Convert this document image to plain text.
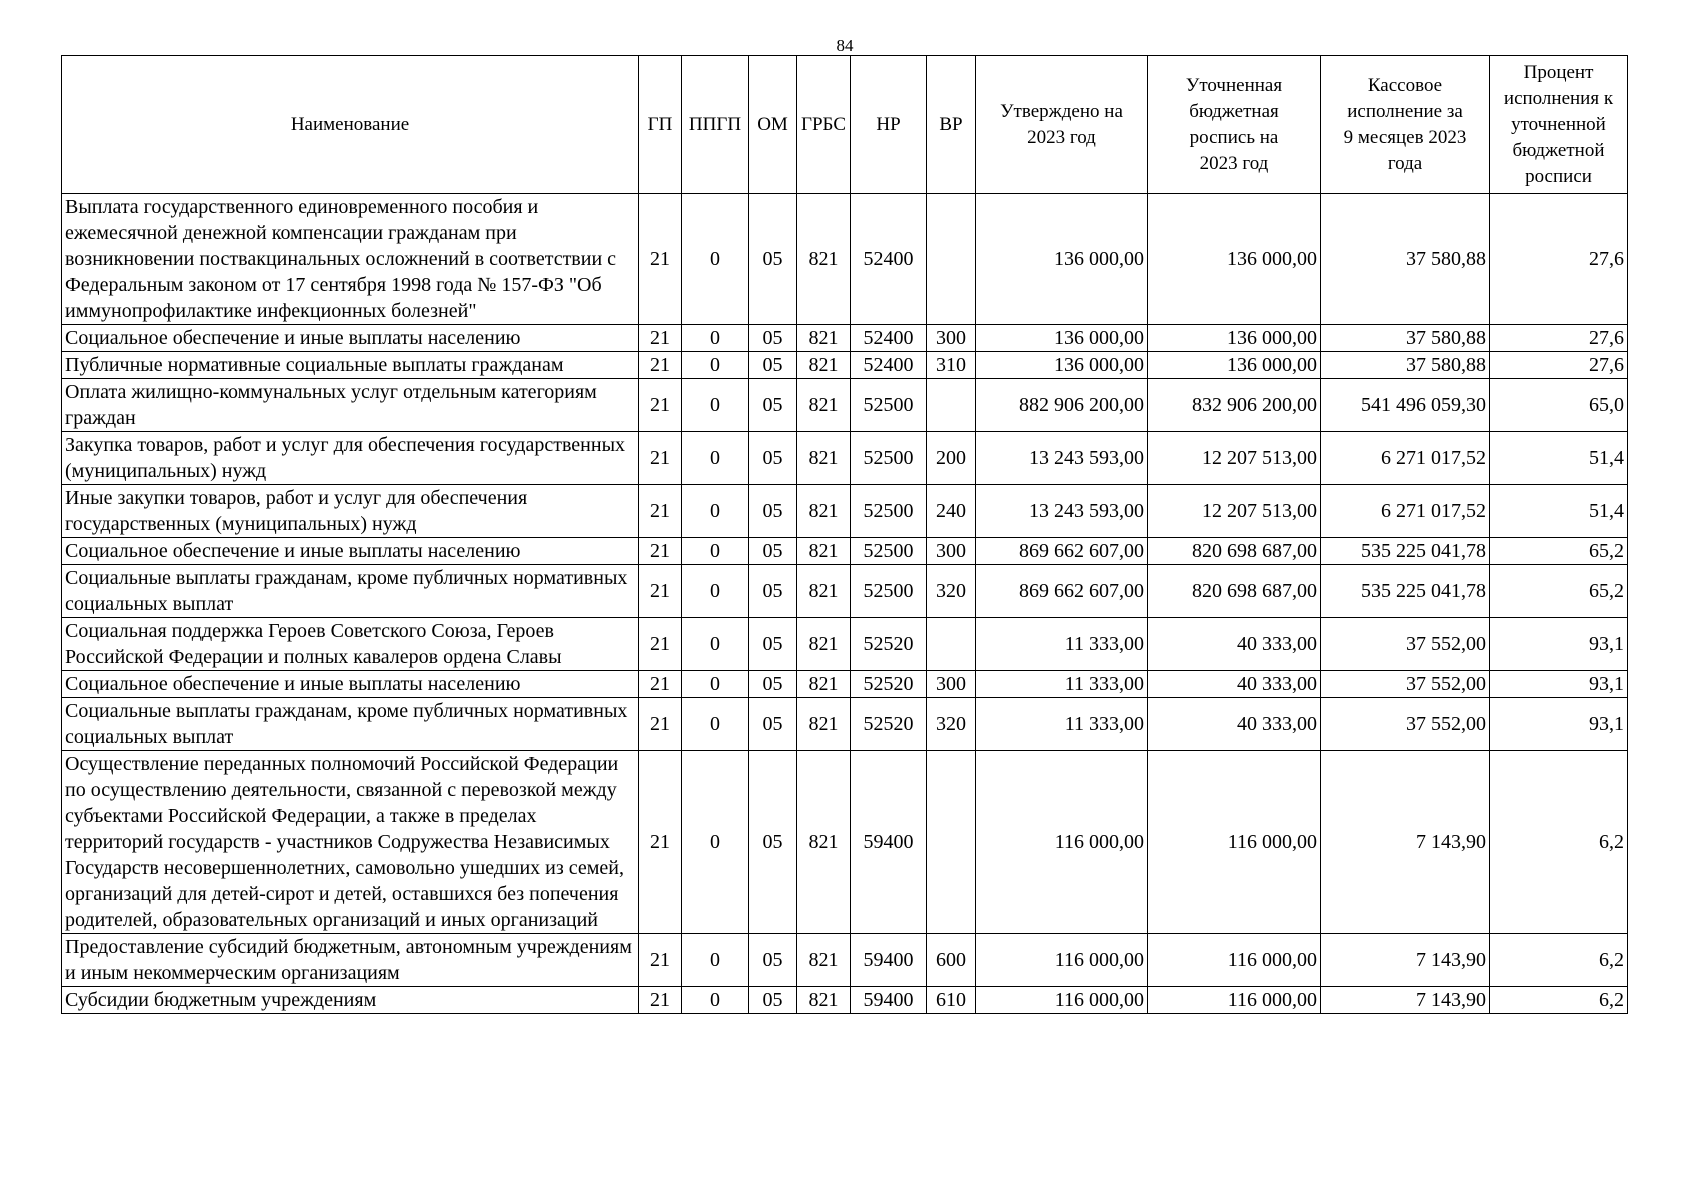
84
Наименование	ГП	ППГП	ОМ	ГРБС	НР	ВР	Утверждено на 2023 год	Уточненная бюджетная роспись на 2023 год	Кассовое исполнение за 9 месяцев 2023 года	Процент исполнения к уточненной бюджетной росписи
Выплата государственного единовременного пособия и ежемесячной денежной компенсации гражданам при возникновении поствакцинальных осложнений в соответствии с Федеральным законом от 17 сентября 1998 года № 157-ФЗ "Об иммунопрофилактике инфекционных болезней"	21	0	05	821	52400		136 000,00	136 000,00	37 580,88	27,6
Социальное обеспечение и иные выплаты населению	21	0	05	821	52400	300	136 000,00	136 000,00	37 580,88	27,6
Публичные нормативные социальные выплаты гражданам	21	0	05	821	52400	310	136 000,00	136 000,00	37 580,88	27,6
Оплата жилищно-коммунальных услуг отдельным категориям граждан	21	0	05	821	52500		882 906 200,00	832 906 200,00	541 496 059,30	65,0
Закупка товаров, работ и услуг для обеспечения государственных (муниципальных) нужд	21	0	05	821	52500	200	13 243 593,00	12 207 513,00	6 271 017,52	51,4
Иные закупки товаров, работ и услуг для обеспечения государственных (муниципальных) нужд	21	0	05	821	52500	240	13 243 593,00	12 207 513,00	6 271 017,52	51,4
Социальное обеспечение и иные выплаты населению	21	0	05	821	52500	300	869 662 607,00	820 698 687,00	535 225 041,78	65,2
Социальные выплаты гражданам, кроме публичных нормативных социальных выплат	21	0	05	821	52500	320	869 662 607,00	820 698 687,00	535 225 041,78	65,2
Социальная поддержка Героев Советского Союза, Героев Российской Федерации и полных кавалеров ордена Славы	21	0	05	821	52520		11 333,00	40 333,00	37 552,00	93,1
Социальное обеспечение и иные выплаты населению	21	0	05	821	52520	300	11 333,00	40 333,00	37 552,00	93,1
Социальные выплаты гражданам, кроме публичных нормативных социальных выплат	21	0	05	821	52520	320	11 333,00	40 333,00	37 552,00	93,1
Осуществление переданных полномочий Российской Федерации по осуществлению деятельности, связанной с перевозкой между субъектами Российской Федерации, а также в пределах территорий государств - участников Содружества Независимых Государств несовершеннолетних, самовольно ушедших из семей, организаций для детей-сирот и детей, оставшихся без попечения родителей, образовательных организаций и иных организаций	21	0	05	821	59400		116 000,00	116 000,00	7 143,90	6,2
Предоставление субсидий бюджетным, автономным учреждениям и иным некоммерческим организациям	21	0	05	821	59400	600	116 000,00	116 000,00	7 143,90	6,2
Субсидии бюджетным учреждениям	21	0	05	821	59400	610	116 000,00	116 000,00	7 143,90	6,2
